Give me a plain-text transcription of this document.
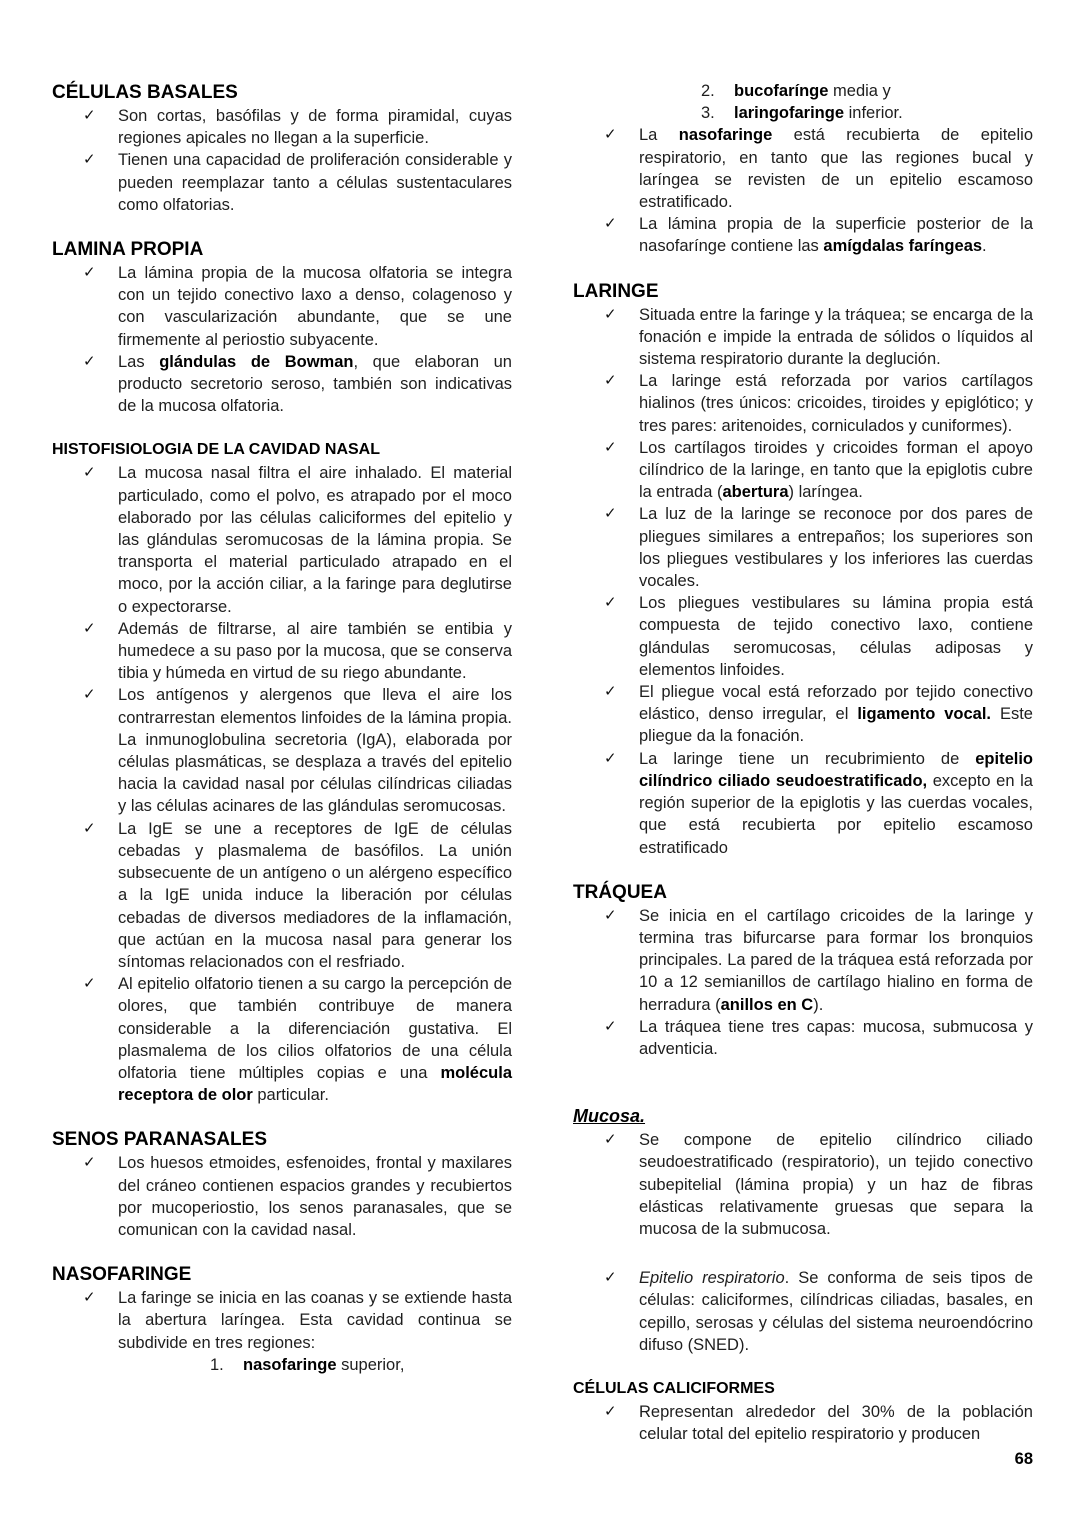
CÉLULAS BASALES
✓ Son cortas, basófilas y de forma piramidal, cuyas regiones apicales no llegan a la superficie.
✓ Tienen una capacidad de proliferación considerable y pueden reemplazar tanto a células sustentaculares como olfatorias.
LAMINA PROPIA
✓ La lámina propia de la mucosa olfatoria se integra con un tejido conectivo laxo a denso, colagenoso y con vascularización abundante, que se une firmemente al periostio subyacente.
✓ Las glándulas de Bowman, que elaboran un producto secretorio seroso, también son indicativas de la mucosa olfatoria.
HISTOFISIOLOGIA DE LA CAVIDAD NASAL
✓ La mucosa nasal filtra el aire inhalado. El material particulado, como el polvo, es atrapado por el moco elaborado por las células caliciformes del epitelio y las glándulas seromucosas de la lámina propia. Se transporta el material particulado atrapado en el moco, por la acción ciliar, a la faringe para deglutirse o expectorarse.
✓ Además de filtrarse, al aire también se entibia y humedece a su paso por la mucosa, que se conserva tibia y húmeda en virtud de su riego abundante.
✓ Los antígenos y alergenos que lleva el aire los contrarrestan elementos linfoides de la lámina propia. La inmunoglobulina secretoria (IgA), elaborada por células plasmáticas, se desplaza a través del epitelio hacia la cavidad nasal por células cilíndricas ciliadas y las células acinares de las glándulas seromucosas.
✓ La IgE se une a receptores de IgE de células cebadas y plasmalema de basófilos. La unión subsecuente de un antígeno o un alérgeno específico a la IgE unida induce la liberación por células cebadas de diversos mediadores de la inflamación, que actúan en la mucosa nasal para generar los síntomas relacionados con el resfriado.
✓ Al epitelio olfatorio tienen a su cargo la percepción de olores, que también contribuye de manera considerable a la diferenciación gustativa. El plasmalema de los cilios olfatorios de una célula olfatoria tiene múltiples copias e una molécula receptora de olor particular.
SENOS PARANASALES
✓ Los huesos etmoides, esfenoides, frontal y maxilares del cráneo contienen espacios grandes y recubiertos por mucoperiostio, los senos paranasales, que se comunican con la cavidad nasal.
NASOFARINGE
✓ La faringe se inicia en las coanas y se extiende hasta la abertura laríngea. Esta cavidad continua se subdivide en tres regiones:
1. nasofaringe superior,
2. bucofarínge media y
3. laringofaringe inferior.
✓ La nasofaringe está recubierta de epitelio respiratorio, en tanto que las regiones bucal y laríngea se revisten de un epitelio escamoso estratificado.
✓ La lámina propia de la superficie posterior de la nasofarínge contiene las amígdalas faríngeas.
LARINGE
✓ Situada entre la faringe y la tráquea; se encarga de la fonación e impide la entrada de sólidos o líquidos al sistema respiratorio durante la deglución.
✓ La laringe está reforzada por varios cartílagos hialinos (tres únicos: cricoides, tiroides y epiglótico; y tres pares: aritenoides, corniculados y cuniformes).
✓ Los cartílagos tiroides y cricoides forman el apoyo cilíndrico de la laringe, en tanto que la epiglotis cubre la entrada (abertura) laríngea.
✓ La luz de la laringe se reconoce por dos pares de pliegues similares a entrepaños; los superiores son los pliegues vestibulares y los inferiores las cuerdas vocales.
✓ Los pliegues vestibulares su lámina propia está compuesta de tejido conectivo laxo, contiene glándulas seromucosas, células adiposas y elementos linfoides.
✓ El pliegue vocal está reforzado por tejido conectivo elástico, denso irregular, el ligamento vocal. Este pliegue da la fonación.
✓ La laringe tiene un recubrimiento de epitelio cilíndrico ciliado seudoestratificado, excepto en la región superior de la epiglotis y las cuerdas vocales, que está recubierta por epitelio escamoso estratificado
TRÁQUEA
✓ Se inicia en el cartílago cricoides de la laringe y termina tras bifurcarse para formar los bronquios principales. La pared de la tráquea está reforzada por 10 a 12 semianillos de cartílago hialino en forma de herradura (anillos en C).
✓ La tráquea tiene tres capas: mucosa, submucosa y adventicia.
Mucosa.
✓ Se compone de epitelio cilíndrico ciliado seudoestratificado (respiratorio), un tejido conectivo subepitelial (lámina propia) y un haz de fibras elásticas relativamente gruesas que separa la mucosa de la submucosa.
✓ Epitelio respiratorio. Se conforma de seis tipos de células: caliciformes, cilíndricas ciliadas, basales, en cepillo, serosas y células del sistema neuroendócrino difuso (SNED).
CÉLULAS CALICIFORMES
✓ Representan alrededor del 30% de la población celular total del epitelio respiratorio y producen
68
